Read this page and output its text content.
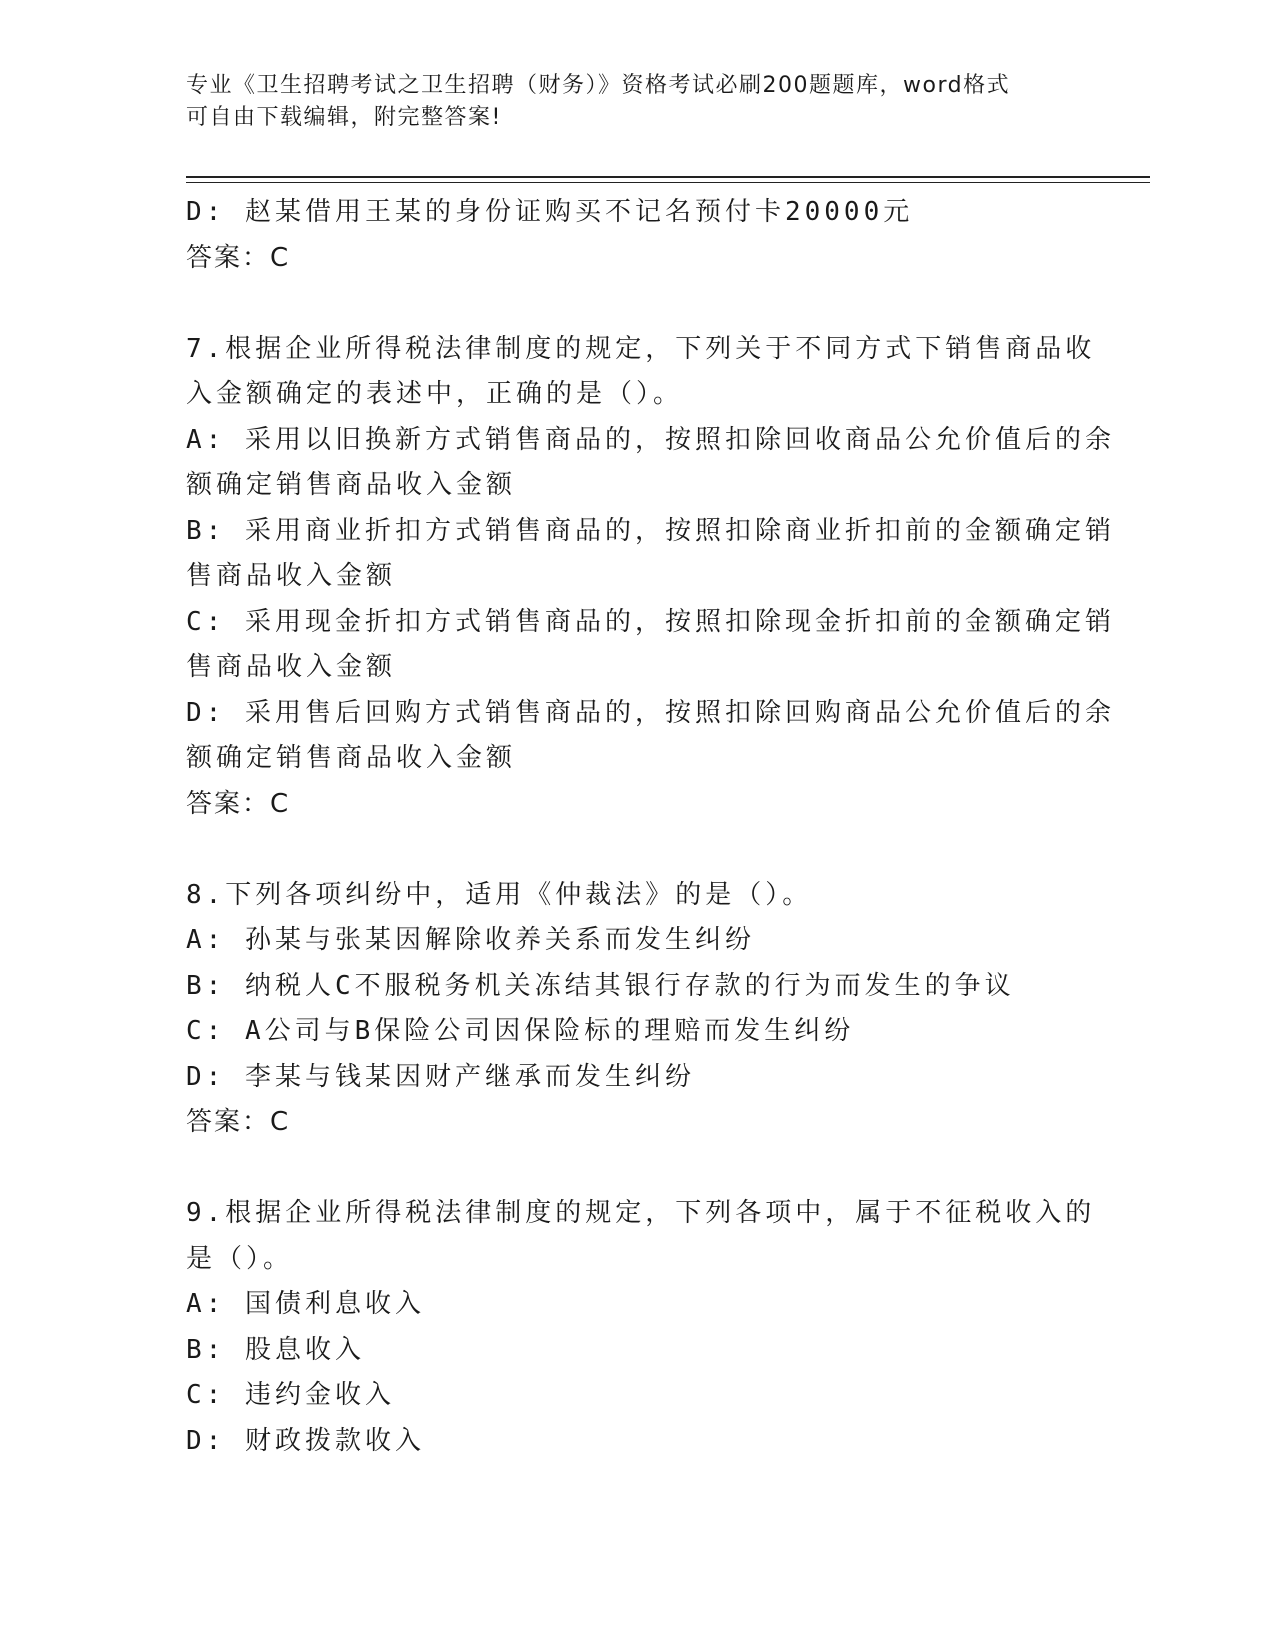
专业《卫生招聘考试之卫生招聘（财务）》资格考试必刷200题题库，word格式
可自由下载编辑，附完整答案!
D: 赵某借用王某的身份证购买不记名预付卡20000元
答案：C
7.根据企业所得税法律制度的规定，下列关于不同方式下销售商品收
入金额确定的表述中，正确的是（）。
A: 采用以旧换新方式销售商品的，按照扣除回收商品公允价值后的余
额确定销售商品收入金额
B: 采用商业折扣方式销售商品的，按照扣除商业折扣前的金额确定销
售商品收入金额
C: 采用现金折扣方式销售商品的，按照扣除现金折扣前的金额确定销
售商品收入金额
D: 采用售后回购方式销售商品的，按照扣除回购商品公允价值后的余
额确定销售商品收入金额
答案：C
8.下列各项纠纷中，适用《仲裁法》的是（）。
A: 孙某与张某因解除收养关系而发生纠纷
B: 纳税人C不服税务机关冻结其银行存款的行为而发生的争议
C: A公司与B保险公司因保险标的理赔而发生纠纷
D: 李某与钱某因财产继承而发生纠纷
答案：C
9.根据企业所得税法律制度的规定，下列各项中，属于不征税收入的
是（）。
A: 国债利息收入
B: 股息收入
C: 违约金收入
D: 财政拨款收入
